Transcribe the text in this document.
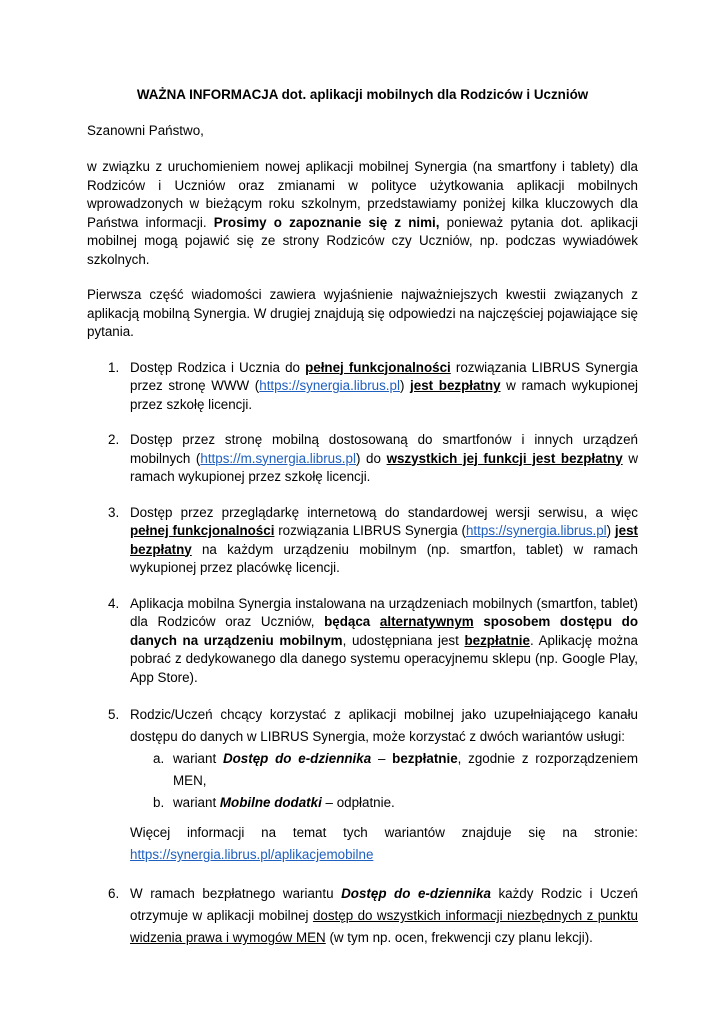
WAŻNA INFORMACJA dot. aplikacji mobilnych dla Rodziców i Uczniów

Szanowni Państwo,

w związku z uruchomieniem nowej aplikacji mobilnej Synergia (na smartfony i tablety) dla Rodziców i Uczniów oraz zmianami w polityce użytkowania aplikacji mobilnych wprowadzonych w bieżącym roku szkolnym, przedstawiamy poniżej kilka kluczowych dla Państwa informacji. Prosimy o zapoznanie się z nimi, ponieważ pytania dot. aplikacji mobilnej mogą pojawić się ze strony Rodziców czy Uczniów, np. podczas wywiadówek szkolnych.

Pierwsza część wiadomości zawiera wyjaśnienie najważniejszych kwestii związanych z aplikacją mobilną Synergia. W drugiej znajdują się odpowiedzi na najczęściej pojawiające się pytania.

1. Dostęp Rodzica i Ucznia do pełnej funkcjonalności rozwiązania LIBRUS Synergia przez stronę WWW (https://synergia.librus.pl) jest bezpłatny w ramach wykupionej przez szkołę licencji.
2. Dostęp przez stronę mobilną dostosowaną do smartfonów i innych urządzeń mobilnych (https://m.synergia.librus.pl) do wszystkich jej funkcji jest bezpłatny w ramach wykupionej przez szkołę licencji.
3. Dostęp przez przeglądarkę internetową do standardowej wersji serwisu, a więc pełnej funkcjonalności rozwiązania LIBRUS Synergia (https://synergia.librus.pl) jest bezpłatny na każdym urządzeniu mobilnym (np. smartfon, tablet) w ramach wykupionej przez placówkę licencji.
4. Aplikacja mobilna Synergia instalowana na urządzeniach mobilnych (smartfon, tablet) dla Rodziców oraz Uczniów, będąca alternatywnym sposobem dostępu do danych na urządzeniu mobilnym, udostępniana jest bezpłatnie. Aplikację można pobrać z dedykowanego dla danego systemu operacyjnemu sklepu (np. Google Play, App Store).
5. Rodzic/Uczeń chcący korzystać z aplikacji mobilnej jako uzupełniającego kanału dostępu do danych w LIBRUS Synergia, może korzystać z dwóch wariantów usługi:
a. wariant Dostęp do e-dziennika – bezpłatnie, zgodnie z rozporządzeniem MEN,
b. wariant Mobilne dodatki – odpłatnie.

Więcej informacji na temat tych wariantów znajduje się na stronie: https://synergia.librus.pl/aplikacjemobilne

6. W ramach bezpłatnego wariantu Dostęp do e-dziennika każdy Rodzic i Uczeń otrzymuje w aplikacji mobilnej dostęp do wszystkich informacji niezbędnych z punktu widzenia prawa i wymogów MEN (w tym np. ocen, frekwencji czy planu lekcji).
